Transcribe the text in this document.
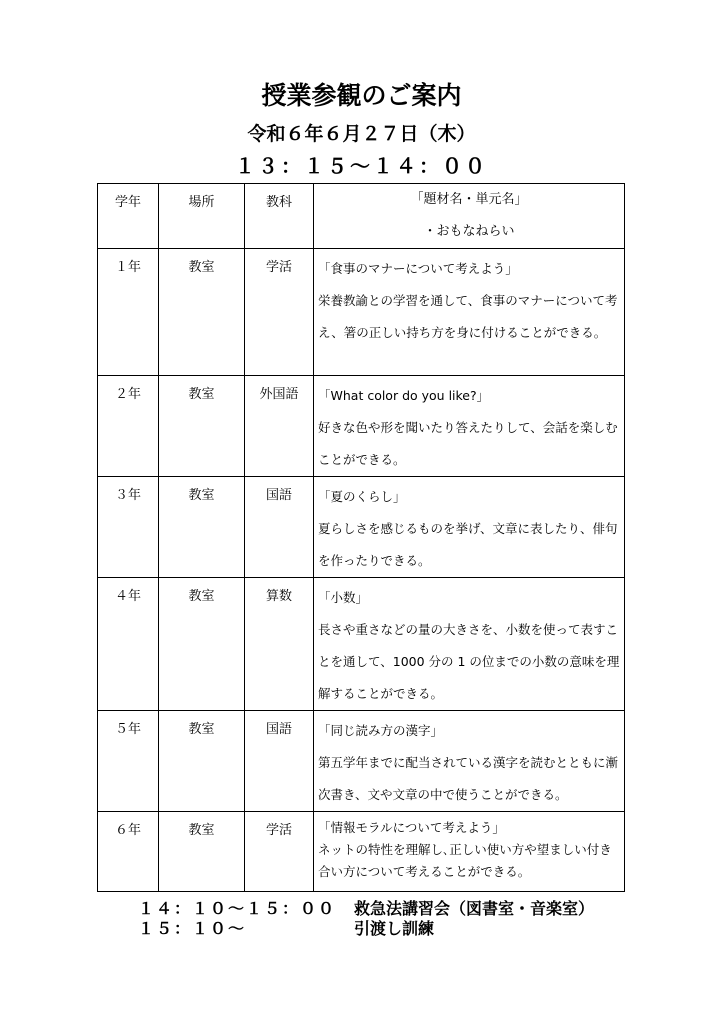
授業参観のご案内
令和６年６月２７日（木）
１３：１５～１４：００
学年	場所	教科	「題材名・単元名」
・おもなねらい

１年	教室	学活	「食事のマナーについて考えよう」
栄養教諭との学習を通して、食事のマナーについて考え、箸の正しい持ち方を身に付けることができる。

２年	教室	外国語	「What color do you like?」
好きな色や形を聞いたり答えたりして、会話を楽しむことができる。

３年	教室	国語	「夏のくらし」
夏らしさを感じるものを挙げ、文章に表したり、俳句を作ったりできる。

４年	教室	算数	「小数」
長さや重さなどの量の大きさを、小数を使って表すことを通して、1000 分の 1 の位までの小数の意味を理解することができる。

５年	教室	国語	「同じ読み方の漢字」
第五学年までに配当されている漢字を読むとともに漸次書き、文や文章の中で使うことができる。

６年	教室	学活	「情報モラルについて考えよう」
ネットの特性を理解し､正しい使い方や望ましい付き合い方について考えることができる。
１４：１０～１５：００ 救急法講習会（図書室・音楽室）
１５：１０～	引渡し訓練
